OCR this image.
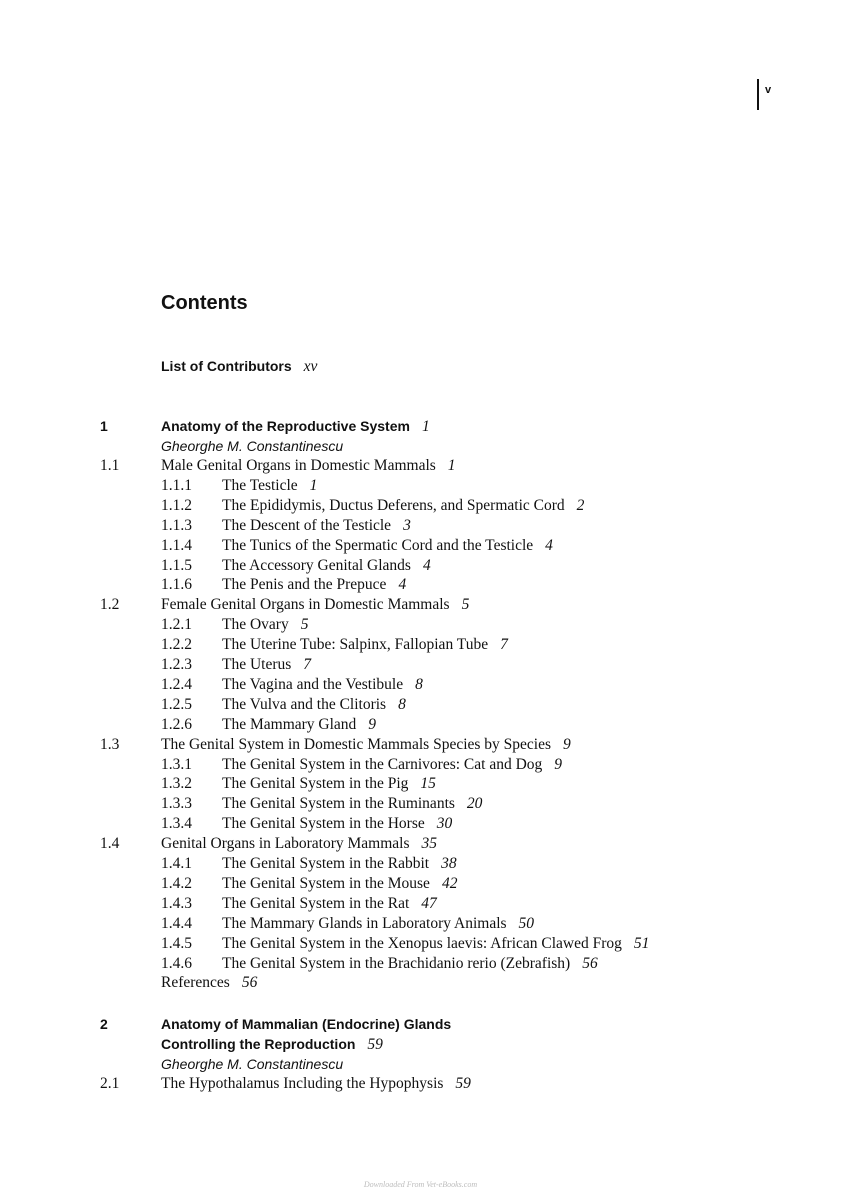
v
Contents
List of Contributors xv
1	Anatomy of the Reproductive System 1
Gheorghe M. Constantinescu
1.1	Male Genital Organs in Domestic Mammals 1
1.1.1 The Testicle 1
1.1.2 The Epididymis, Ductus Deferens, and Spermatic Cord 2
1.1.3 The Descent of the Testicle 3
1.1.4 The Tunics of the Spermatic Cord and the Testicle 4
1.1.5 The Accessory Genital Glands 4
1.1.6 The Penis and the Prepuce 4
1.2	Female Genital Organs in Domestic Mammals 5
1.2.1 The Ovary 5
1.2.2 The Uterine Tube: Salpinx, Fallopian Tube 7
1.2.3 The Uterus 7
1.2.4 The Vagina and the Vestibule 8
1.2.5 The Vulva and the Clitoris 8
1.2.6 The Mammary Gland 9
1.3	The Genital System in Domestic Mammals Species by Species 9
1.3.1 The Genital System in the Carnivores: Cat and Dog 9
1.3.2 The Genital System in the Pig 15
1.3.3 The Genital System in the Ruminants 20
1.3.4 The Genital System in the Horse 30
1.4	Genital Organs in Laboratory Mammals 35
1.4.1 The Genital System in the Rabbit 38
1.4.2 The Genital System in the Mouse 42
1.4.3 The Genital System in the Rat 47
1.4.4 The Mammary Glands in Laboratory Animals 50
1.4.5 The Genital System in the Xenopus laevis: African Clawed Frog 51
1.4.6 The Genital System in the Brachidanio rerio (Zebrafish) 56
References 56
2	Anatomy of Mammalian (Endocrine) Glands
Controlling the Reproduction 59
Gheorghe M. Constantinescu
2.1	The Hypothalamus Including the Hypophysis 59
Downloaded From Vet-eBooks.com
